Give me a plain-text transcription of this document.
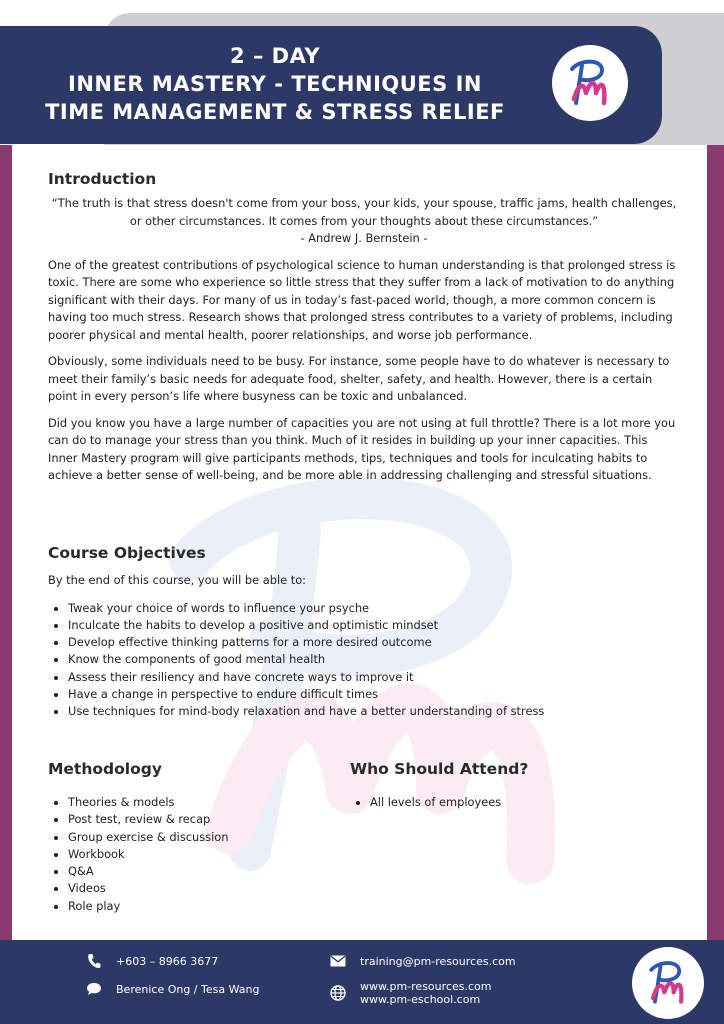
2 – DAY
INNER MASTERY - TECHNIQUES IN
TIME MANAGEMENT & STRESS RELIEF
Introduction
“The truth is that stress doesn't come from your boss, your kids, your spouse, traffic jams, health challenges, or other circumstances. It comes from your thoughts about these circumstances.”
- Andrew J. Bernstein -

One of the greatest contributions of psychological science to human understanding is that prolonged stress is toxic. There are some who experience so little stress that they suffer from a lack of motivation to do anything significant with their days. For many of us in today’s fast-paced world, though, a more common concern is having too much stress. Research shows that prolonged stress contributes to a variety of problems, including poorer physical and mental health, poorer relationships, and worse job performance.

Obviously, some individuals need to be busy. For instance, some people have to do whatever is necessary to meet their family’s basic needs for adequate food, shelter, safety, and health. However, there is a certain point in every person’s life where busyness can be toxic and unbalanced.

Did you know you have a large number of capacities you are not using at full throttle? There is a lot more you can do to manage your stress than you think. Much of it resides in building up your inner capacities. This Inner Mastery program will give participants methods, tips, techniques and tools for inculcating habits to achieve a better sense of well-being, and be more able in addressing challenging and stressful situations.

Course Objectives

By the end of this course, you will be able to:

Tweak your choice of words to influence your psyche
Inculcate the habits to develop a positive and optimistic mindset
Develop effective thinking patterns for a more desired outcome
Know the components of good mental health
Assess their resiliency and have concrete ways to improve it
Have a change in perspective to endure difficult times
Use techniques for mind-body relaxation and have a better understanding of stress
Methodology
Theories & models
Post test, review & recap
Group exercise & discussion
Workbook
Q&A
Videos
Role play
Who Should Attend?
All levels of employees
+603 – 8966 3677
Berenice Ong / Tesa Wang
training@pm-resources.com
www.pm-resources.com
www.pm-eschool.com
